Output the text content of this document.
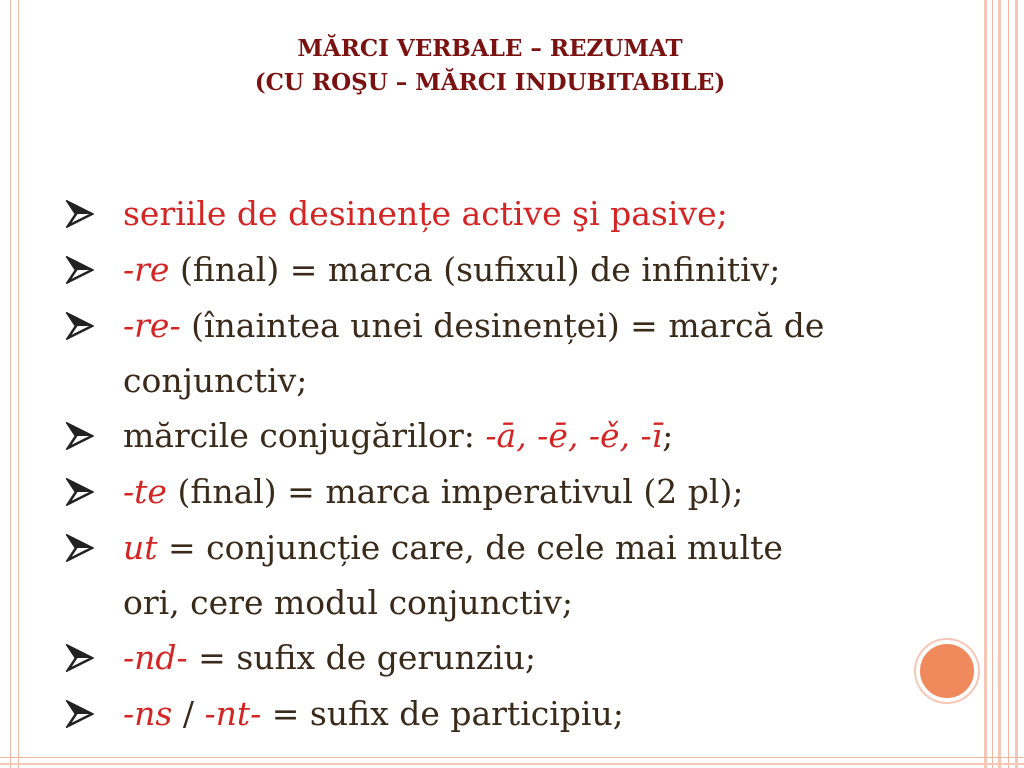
MĂRCI VERBALE – REZUMAT
(CU ROŞU – MĂRCI INDUBITABILE)
seriile de desinențe active şi pasive;
-re (final) = marca (sufixul) de infinitiv;
-re- (înaintea unei desinenței) = marcă de
conjunctiv;
mărcile conjugărilor: -ā, -ē, -ě, -ī;
-te (final) = marca imperativul (2 pl);
ut = conjuncție care, de cele mai multe
ori, cere modul conjunctiv;
-nd- = sufix de gerunziu;
-ns / -nt- = sufix de participiu;
